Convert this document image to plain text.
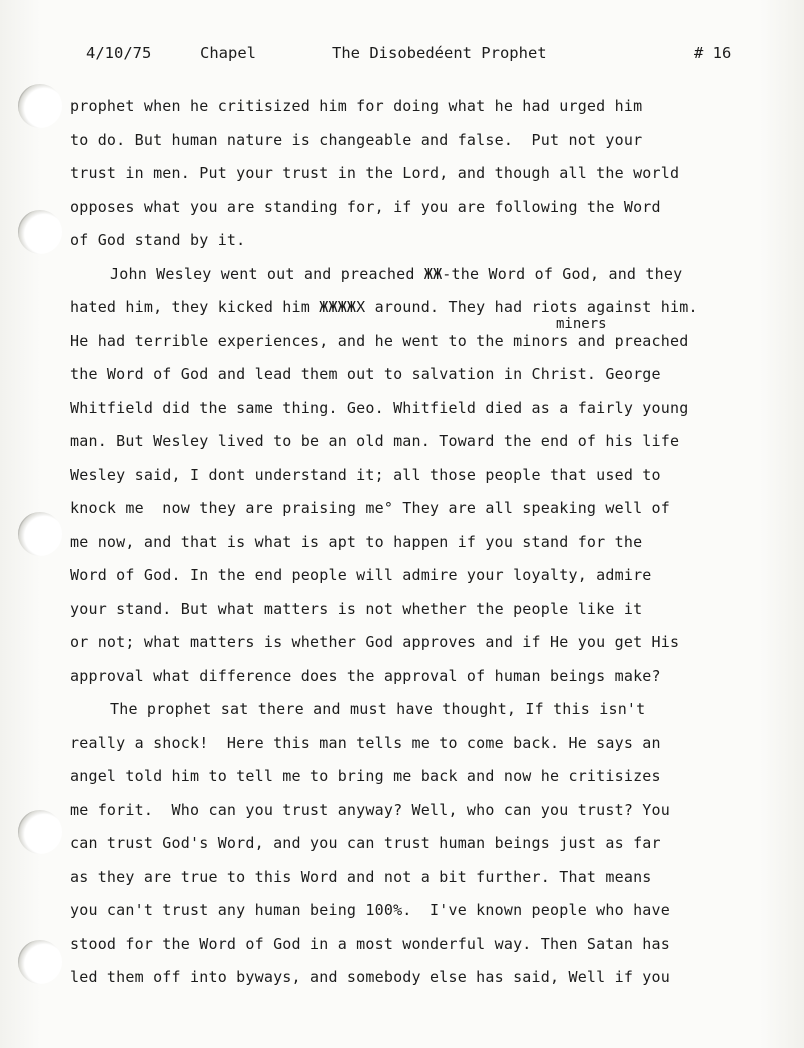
4/10/75	Chapel	The Disobedéent Prophet	# 16
miners
prophet when he critisized him for doing what he had urged him
to do. But human nature is changeable and false.  Put not your
trust in men. Put your trust in the Lord, and though all the world
opposes what you are standing for, if you are following the Word
of God stand by it.
John Wesley went out and preached ЖЖ-the Word of God, and they
hated him, they kicked him ЖЖЖЖX around. They had riots against him.
He had terrible experiences, and he went to the minors and preached
the Word of God and lead them out to salvation in Christ. George
Whitfield did the same thing. Geo. Whitfield died as a fairly young
man. But Wesley lived to be an old man. Toward the end of his life
Wesley said, I dont understand it; all those people that used to
knock me  now they are praising me° They are all speaking well of
me now, and that is what is apt to happen if you stand for the
Word of God. In the end people will admire your loyalty, admire
your stand. But what matters is not whether the people like it
or not; what matters is whether God approves and if He you get His
approval what difference does the approval of human beings make?
The prophet sat there and must have thought, If this isn't
really a shock!  Here this man tells me to come back. He says an
angel told him to tell me to bring me back and now he critisizes
me forit.  Who can you trust anyway? Well, who can you trust? You
can trust God's Word, and you can trust human beings just as far
as they are true to this Word and not a bit further. That means
you can't trust any human being 100%.  I've known people who have
stood for the Word of God in a most wonderful way. Then Satan has
led them off into byways, and somebody else has said, Well if you
